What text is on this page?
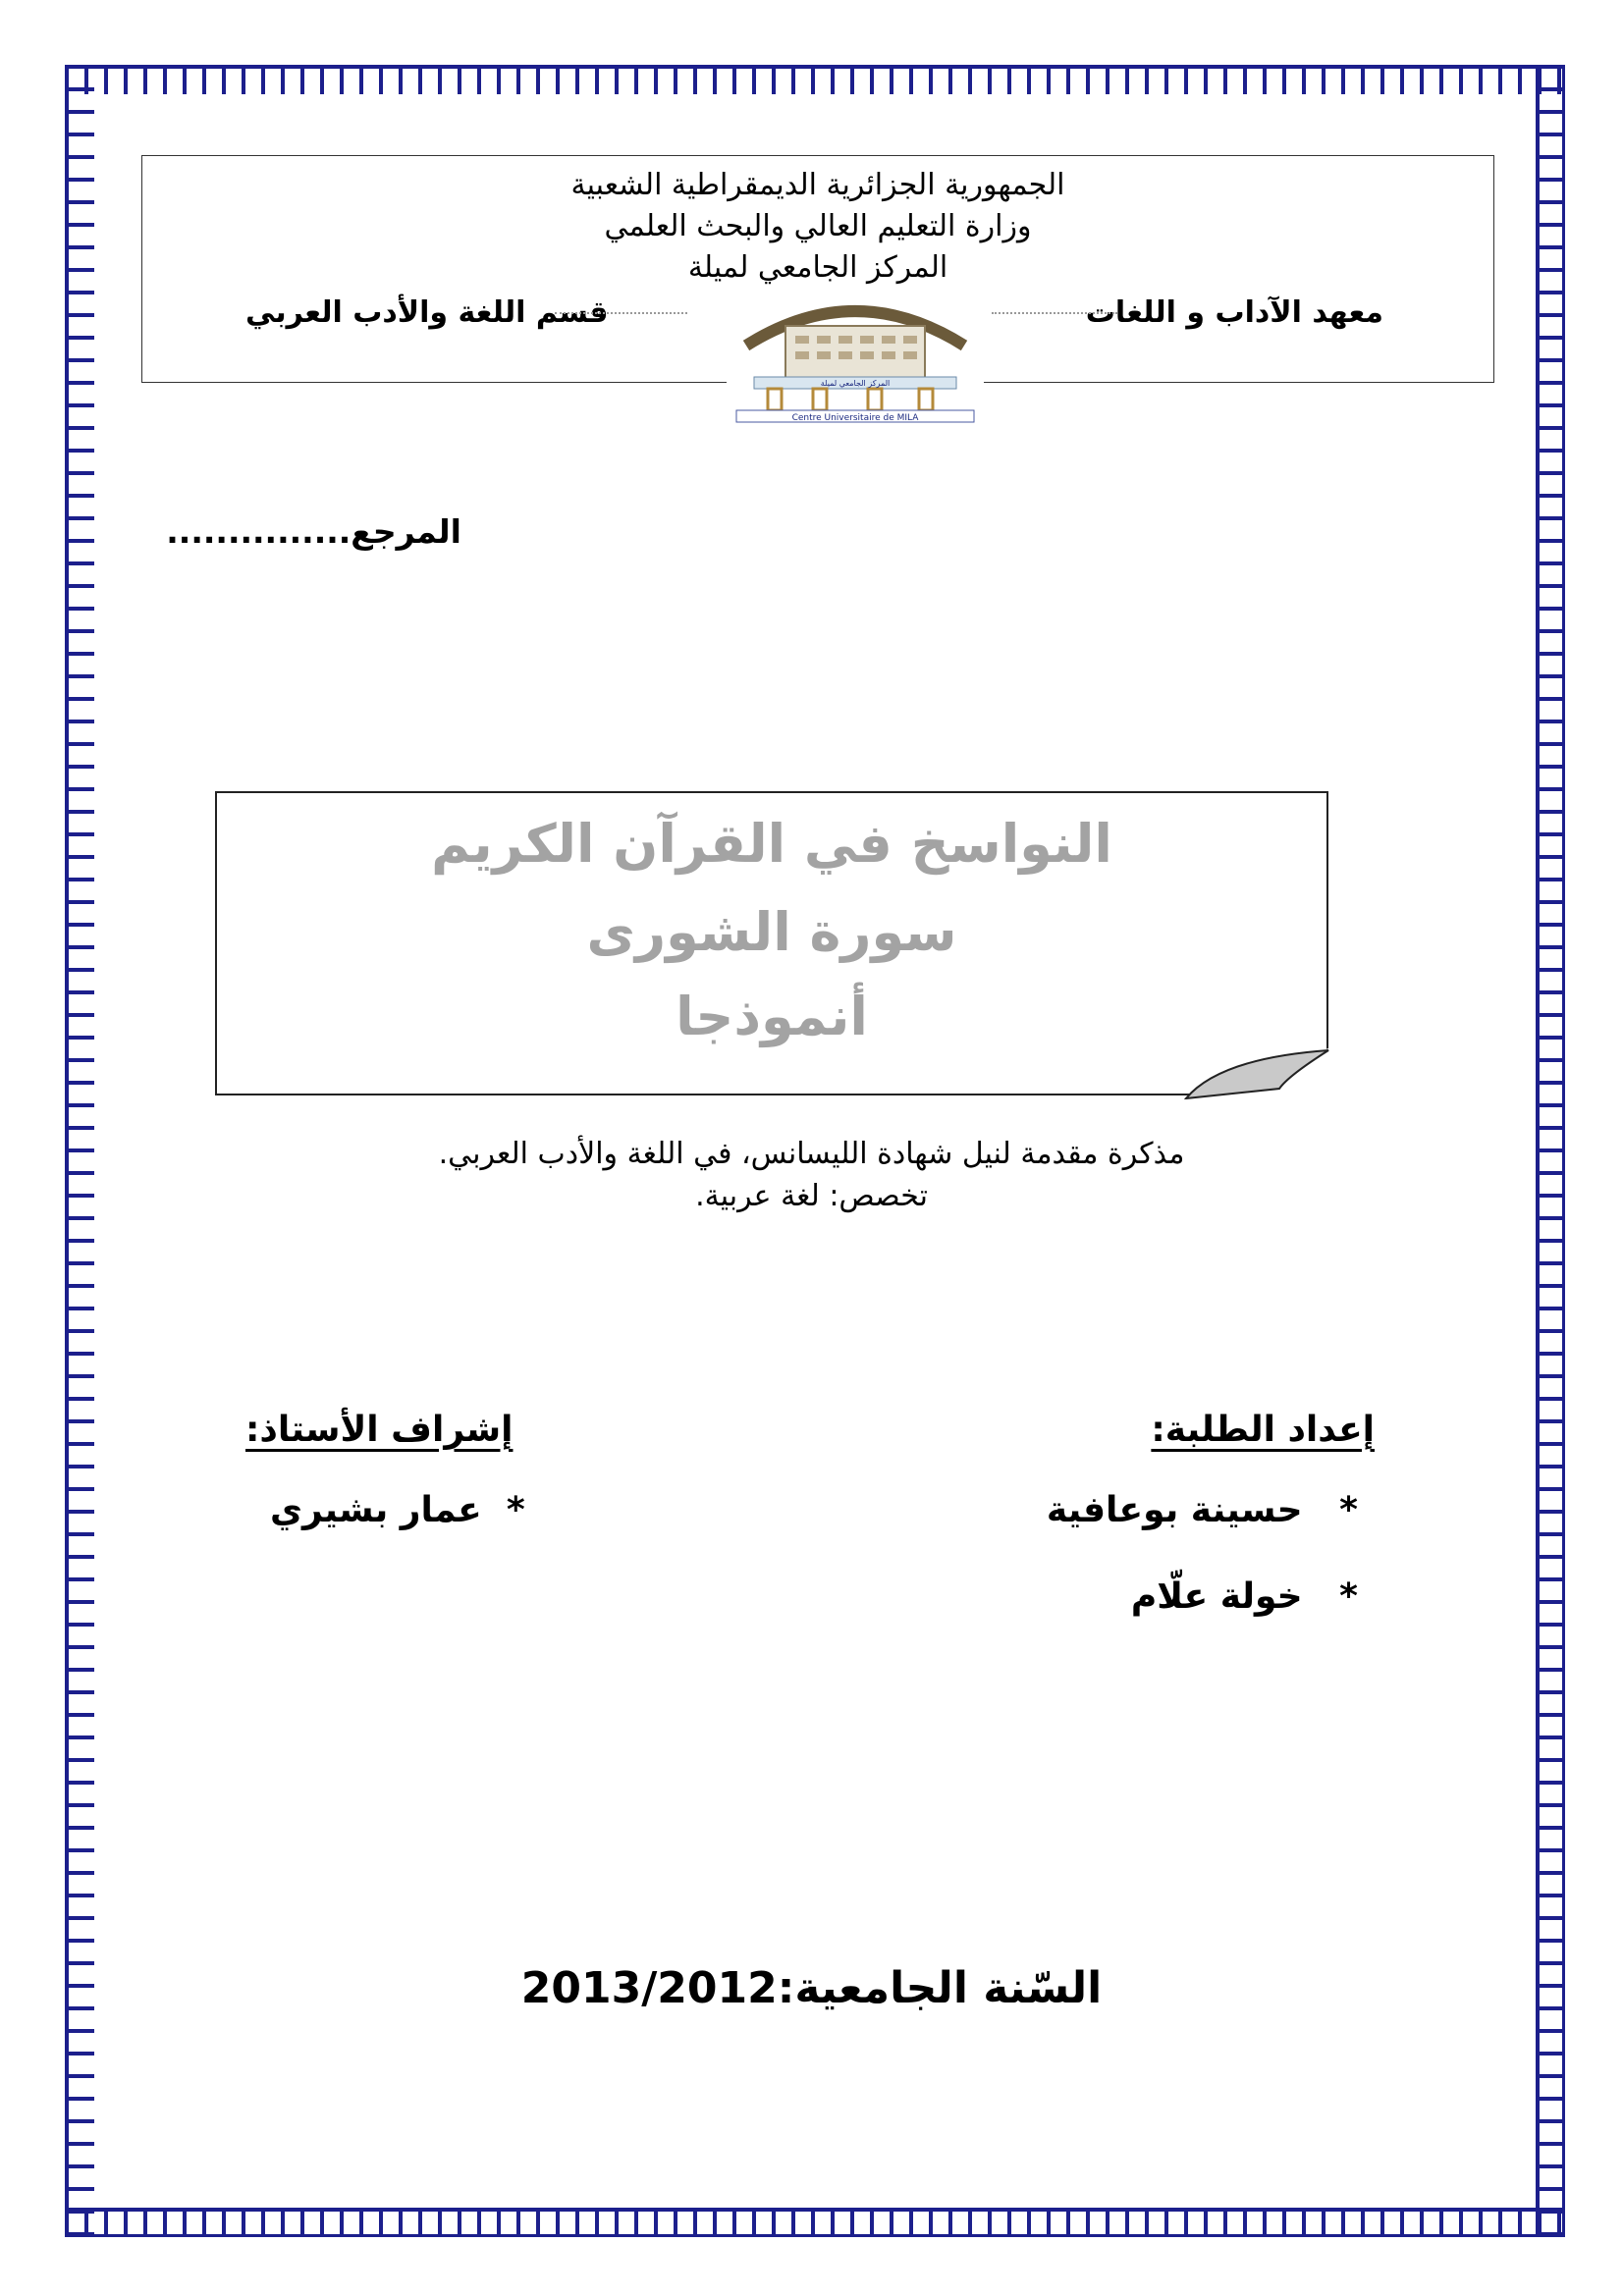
الجمهورية الجزائرية الديمقراطية الشعبية
وزارة التعليم العالي والبحث العلمي
المركز الجامعي لميلة
معهد الآداب و اللغات
قسم اللغة والأدب العربي
Centre Universitaire de MILA
المركز الجامعي لميلة
المرجع...............
النواسخ في القرآن الكريم
سورة الشورى
أنموذجا
مذكرة مقدمة لنيل شهادة الليسانس، في اللغة والأدب العربي.
تخصص: لغة عربية.
إعداد الطلبة:
*   حسينة بوعافية
*   خولة علّام
إشراف الأستاذ:
*  عمار بشيري
السّنة الجامعية:2013/2012
